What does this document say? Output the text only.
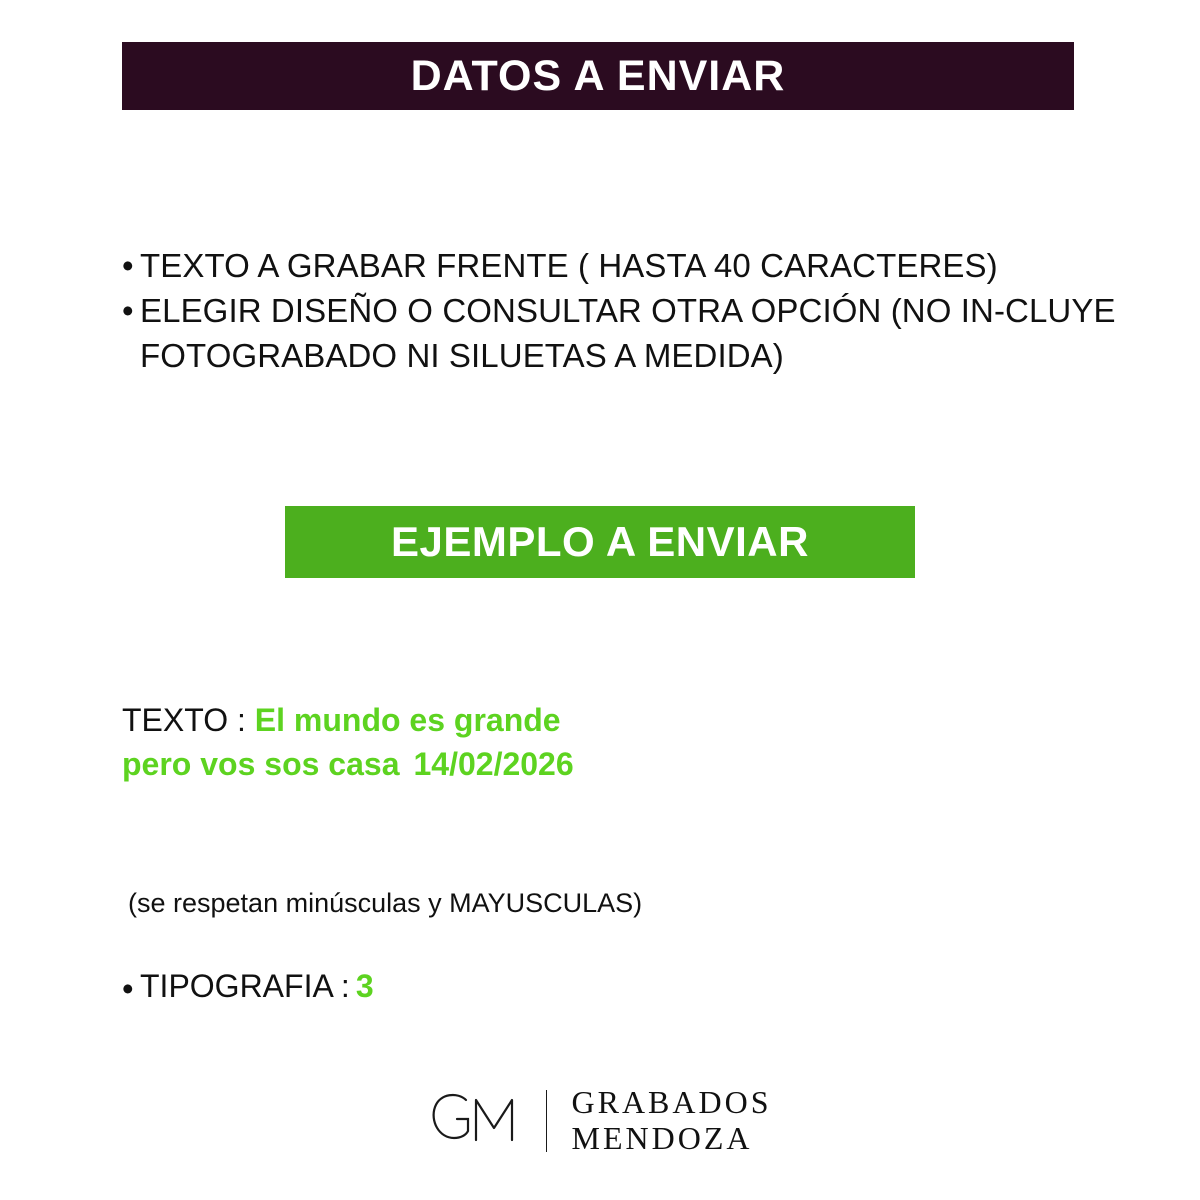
DATOS A ENVIAR
• TEXTO A GRABAR FRENTE ( HASTA 40 CARACTERES)
• ELEGIR DISEÑO O CONSULTAR OTRA OPCIÓN (NO IN-CLUYE FOTOGRABADO NI SILUETAS A MEDIDA)
EJEMPLO A ENVIAR
TEXTO : El mundo es grande
pero vos sos casa 14/02/2026
(se respetan minúsculas y MAYUSCULAS)
• TIPOGRAFIA : 3
GRABADOS
MENDOZA
